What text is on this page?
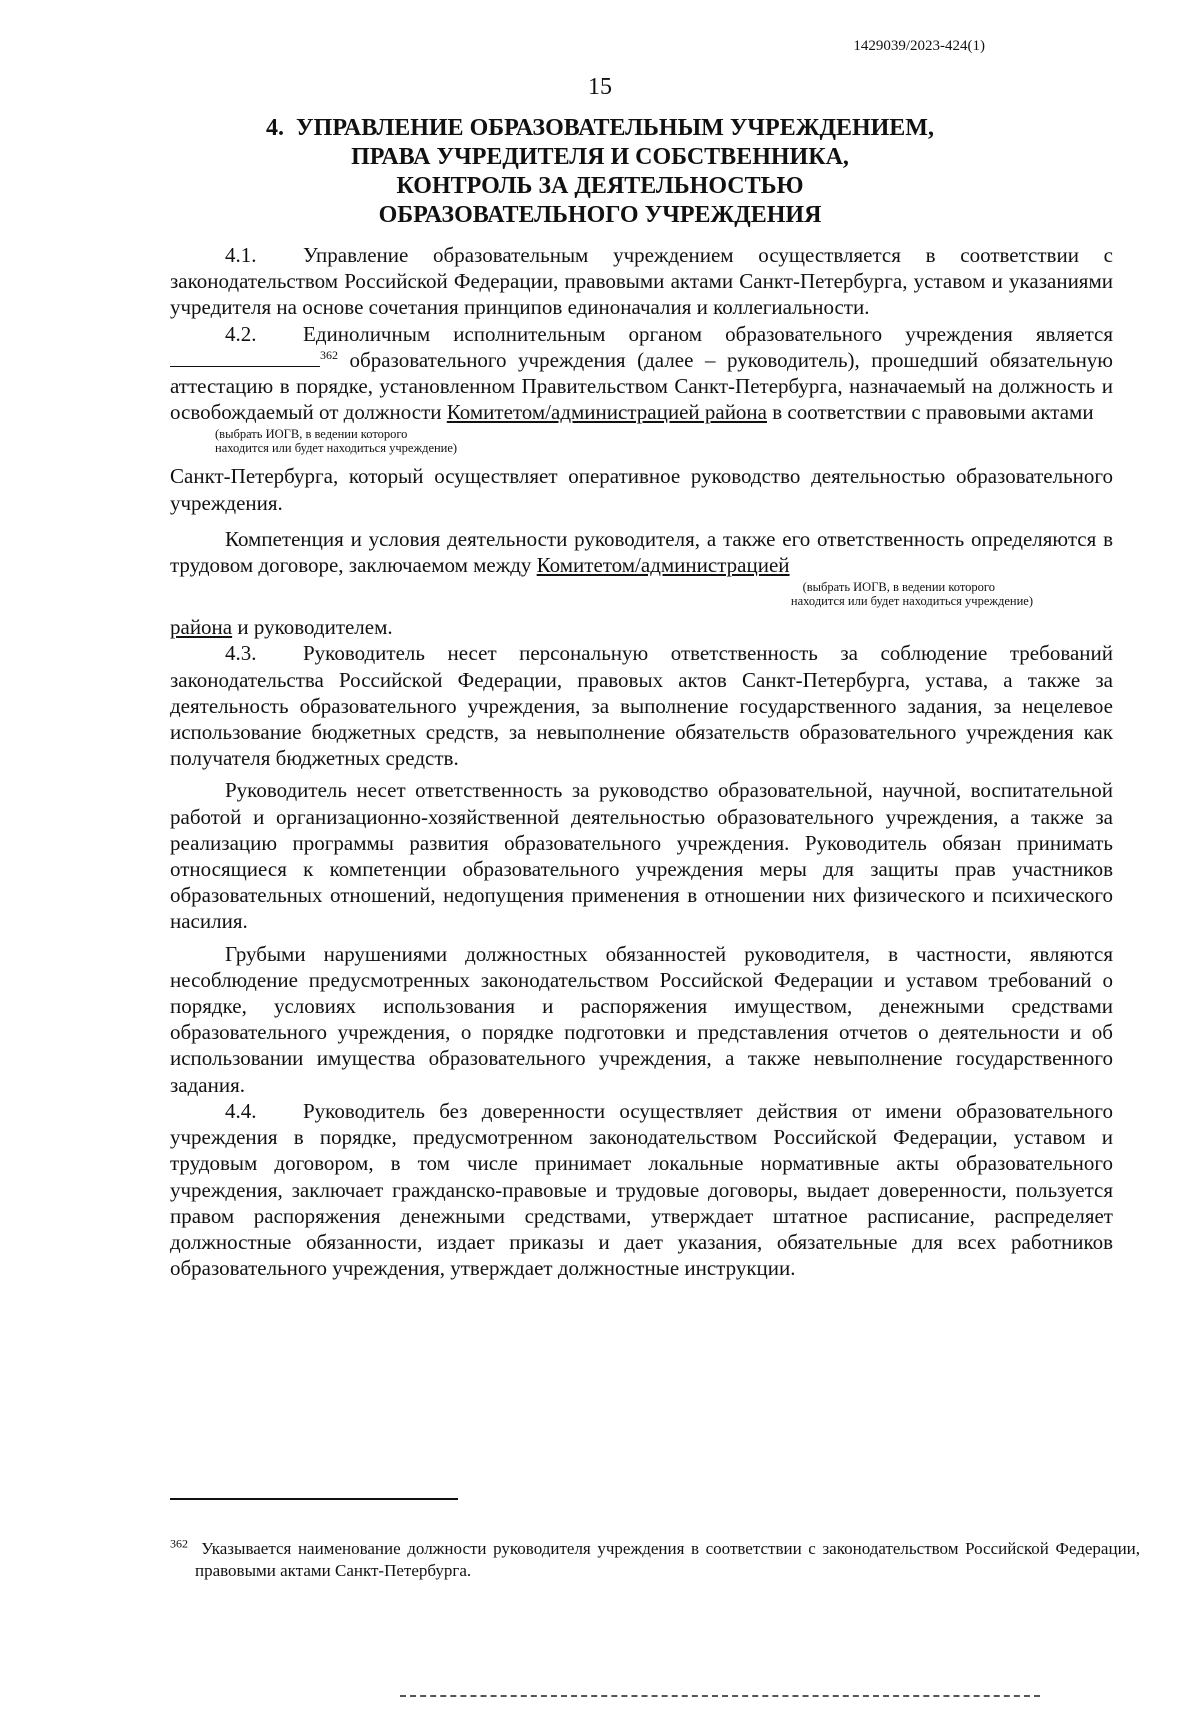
1429039/2023-424(1)
15
4.  УПРАВЛЕНИЕ ОБРАЗОВАТЕЛЬНЫМ УЧРЕЖДЕНИЕМ,
ПРАВА УЧРЕДИТЕЛЯ И СОБСТВЕННИКА,
КОНТРОЛЬ ЗА ДЕЯТЕЛЬНОСТЬЮ
ОБРАЗОВАТЕЛЬНОГО УЧРЕЖДЕНИЯ

4.1. Управление образовательным учреждением осуществляется в соответствии с законодательством Российской Федерации, правовыми актами Санкт-Петербурга, уставом и указаниями учредителя на основе сочетания принципов единоначалия и коллегиальности.

4.2. Единоличным исполнительным органом образовательного учреждения является $^{362}$ образовательного учреждения (далее – руководитель), прошедший обязательную аттестацию в порядке, установленном Правительством Санкт-Петербурга, назначаемый на должность и освобождаемый от должности Комитетом/администрацией района в соответствии с правовыми актами

(выбрать ИОГВ, в ведении которого
находится или будет находиться учреждение)

Санкт-Петербурга, который осуществляет оперативное руководство деятельностью образовательного учреждения.

Компетенция и условия деятельности руководителя, а также его ответственность определяются в трудовом договоре, заключаемом между Комитетом/администрацией

(выбрать ИОГВ, в ведении которого
находится или будет находиться учреждение)

района и руководителем.

4.3. Руководитель несет персональную ответственность за соблюдение требований законодательства Российской Федерации, правовых актов Санкт-Петербурга, устава, а также за деятельность образовательного учреждения, за выполнение государственного задания, за нецелевое использование бюджетных средств, за невыполнение обязательств образовательного учреждения как получателя бюджетных средств.

Руководитель несет ответственность за руководство образовательной, научной, воспитательной работой и организационно-хозяйственной деятельностью образовательного учреждения, а также за реализацию программы развития образовательного учреждения. Руководитель обязан принимать относящиеся к компетенции образовательного учреждения меры для защиты прав участников образовательных отношений, недопущения применения в отношении них физического и психического насилия.

Грубыми нарушениями должностных обязанностей руководителя, в частности, являются несоблюдение предусмотренных законодательством Российской Федерации и уставом требований о порядке, условиях использования и распоряжения имуществом, денежными средствами образовательного учреждения, о порядке подготовки и представления отчетов о деятельности и об использовании имущества образовательного учреждения, а также невыполнение государственного задания.

4.4. Руководитель без доверенности осуществляет действия от имени образовательного учреждения в порядке, предусмотренном законодательством Российской Федерации, уставом и трудовым договором, в том числе принимает локальные нормативные акты образовательного учреждения, заключает гражданско-правовые и трудовые договоры, выдает доверенности, пользуется правом распоряжения денежными средствами, утверждает штатное расписание, распределяет должностные обязанности, издает приказы и дает указания, обязательные для всех работников образовательного учреждения, утверждает должностные инструкции.

$^{362}$ Указывается наименование должности руководителя учреждения в соответствии с законодательством Российской Федерации, правовыми актами Санкт-Петербурга.
